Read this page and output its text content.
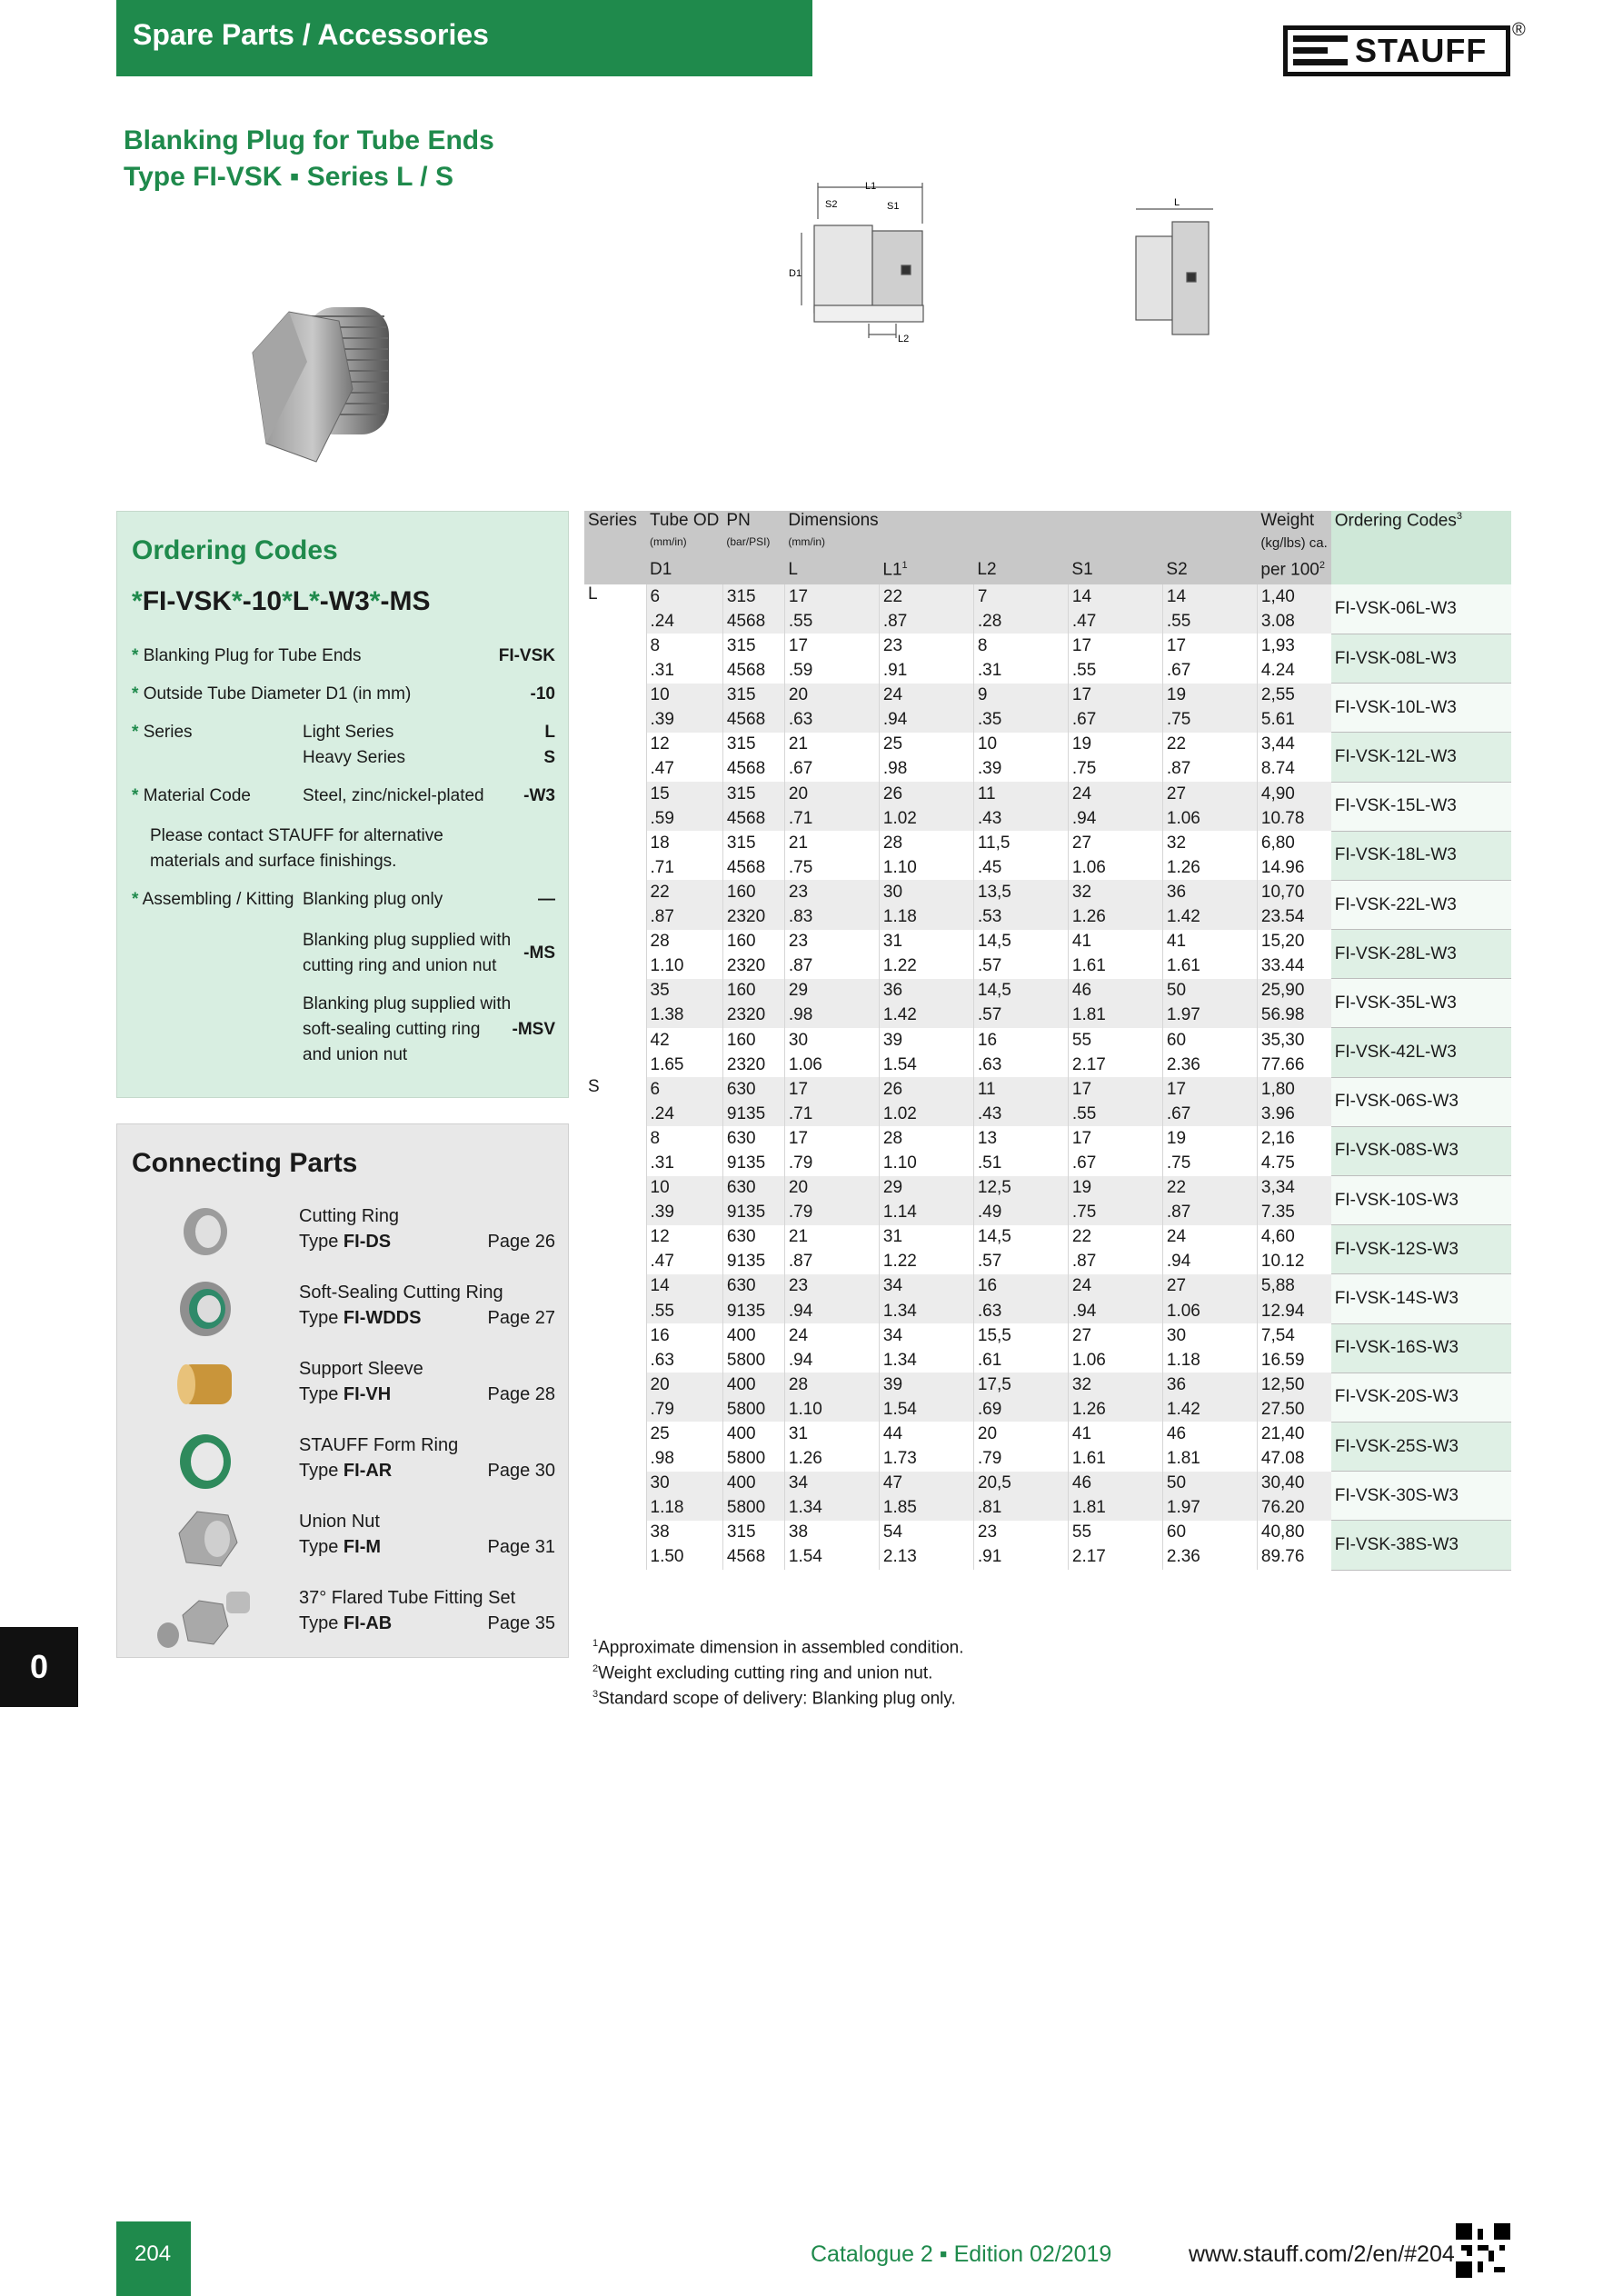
Spare Parts / Accessories	STAUFF
®
Blanking Plug for Tube Ends
Type FI-VSK ▪ Series L / S	L1
S2	S1
D1
L2
L
Ordering Codes
*FI-VSK*-10*L*-W3*-MS
* Blanking Plug for Tube Ends	FI-VSK
* Outside Tube Diameter D1 (in mm)	-10
* Series	Light Series	L
Heavy Series	S
* Material Code	Steel, zinc/nickel-plated -W3
Please contact STAUFF for alternative
materials and surface finishings.
* Assembling / Kitting Blanking plug only	—
Blanking plug supplied with
cutting ring and union nut
-MS
Blanking plug supplied with
soft-sealing cutting ring
and union nut
-MSV
Connecting Parts
Cutting Ring
Type FI-DS	Page 26
Soft-Sealing Cutting Ring
Type FI-WDDS	Page 27
Support Sleeve
Type FI-VH	Page 28
STAUFF Form Ring
Type FI-AR	Page 30
Union Nut
Type FI-M	Page 31
37° Flared Tube Fitting Set
Type FI-AB	Page 35
Series	Tube OD	PN	Dimensions					Weight	Ordering Codes$^3$
	(mm/in)	(bar/PSI)	(mm/in)					(kg/lbs) ca.	
	D1		L	$L1^1$	L2	S1	S2	per $100^2$
L	6	315	17	22	7	14	14	1,40	FI-VSK-06L-W3
	.24	4568	.55	.87	.28	.47	.55	3.08	
	8	315	17	23	8	17	17	1,93	FI-VSK-08L-W3
	.31	4568	.59	.91	.31	.55	.67	4.24	
	10	315	20	24	9	17	19	2,55	FI-VSK-10L-W3
	.39	4568	.63	.94	.35	.67	.75	5.61	
	12	315	21	25	10	19	22	3,44	FI-VSK-12L-W3
	.47	4568	.67	.98	.39	.75	.87	8.74	
	15	315	20	26	11	24	27	4,90	FI-VSK-15L-W3
	.59	4568	.71	1.02	.43	.94	1.06	10.78	
	18	315	21	28	11,5	27	32	6,80	FI-VSK-18L-W3
	.71	4568	.75	1.10	.45	1.06	1.26	14.96	
	22	160	23	30	13,5	32	36	10,70	FI-VSK-22L-W3
	.87	2320	.83	1.18	.53	1.26	1.42	23.54	
	28	160	23	31	14,5	41	41	15,20	FI-VSK-28L-W3
	1.10	2320	.87	1.22	.57	1.61	1.61	33.44	
	35	160	29	36	14,5	46	50	25,90	FI-VSK-35L-W3
	1.38	2320	.98	1.42	.57	1.81	1.97	56.98	
	42	160	30	39	16	55	60	35,30	FI-VSK-42L-W3
	1.65	2320	1.06	1.54	.63	2.17	2.36	77.66	
S	6	630	17	26	11	17	17	1,80	FI-VSK-06S-W3
	.24	9135	.71	1.02	.43	.55	.67	3.96	
	8	630	17	28	13	17	19	2,16	FI-VSK-08S-W3
	.31	9135	.79	1.10	.51	.67	.75	4.75	
	10	630	20	29	12,5	19	22	3,34	FI-VSK-10S-W3
	.39	9135	.79	1.14	.49	.75	.87	7.35	
	12	630	21	31	14,5	22	24	4,60	FI-VSK-12S-W3
	.47	9135	.87	1.22	.57	.87	.94	10.12	
	14	630	23	34	16	24	27	5,88	FI-VSK-14S-W3
	.55	9135	.94	1.34	.63	.94	1.06	12.94	
	16	400	24	34	15,5	27	30	7,54	FI-VSK-16S-W3
	.63	5800	.94	1.34	.61	1.06	1.18	16.59	
	20	400	28	39	17,5	32	36	12,50	FI-VSK-20S-W3
	.79	5800	1.10	1.54	.69	1.26	1.42	27.50	
	25	400	31	44	20	41	46	21,40	FI-VSK-25S-W3
	.98	5800	1.26	1.73	.79	1.61	1.81	47.08	
	30	400	34	47	20,5	46	50	30,40	FI-VSK-30S-W3
	1.18	5800	1.34	1.85	.81	1.81	1.97	76.20	
	38	315	38	54	23	55	60	40,80	FI-VSK-38S-W3
	1.50	4568	1.54	2.13	.91	2.17	2.36	89.76	
$^1$Approximate dimension in assembled condition.
$^2$Weight excluding cutting ring and union nut.
$^3$Standard scope of delivery: Blanking plug only.
0
204	Catalogue 2 ▪ Edition 02/2019	www.stauff.com/2/en/#204
